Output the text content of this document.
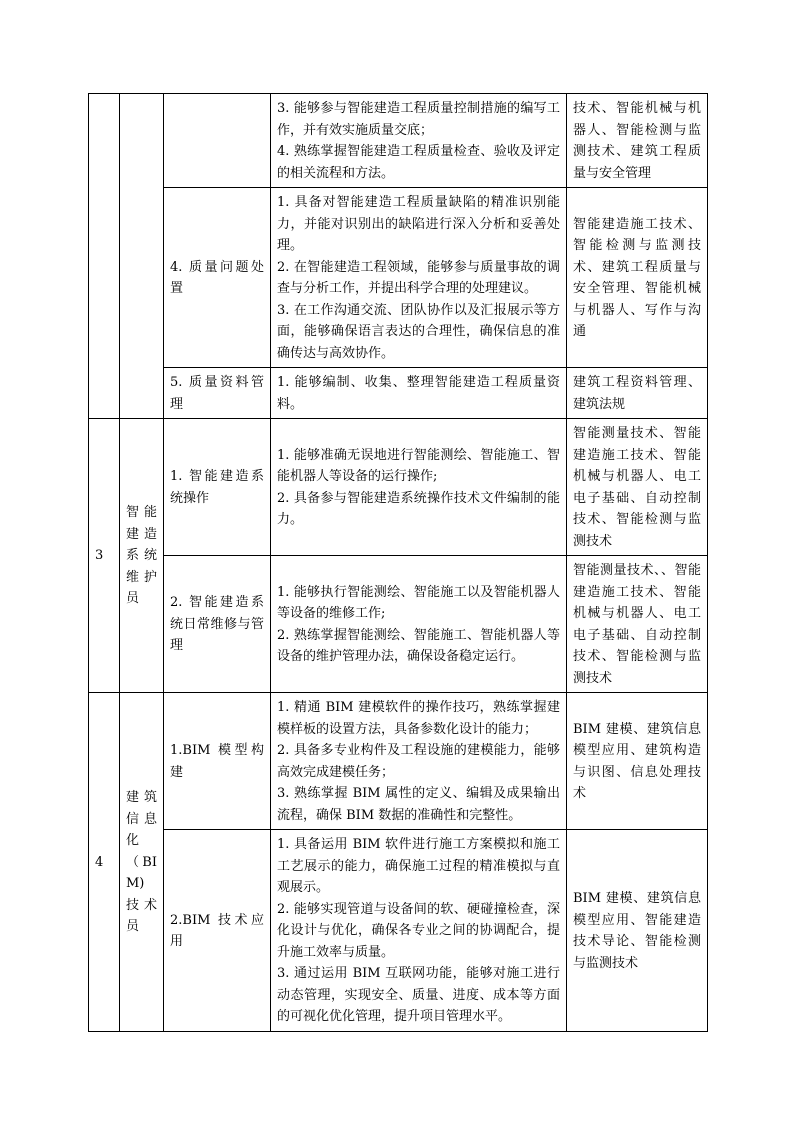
			3. 能够参与智能建造工程质量控制措施的编写工作，并有效实施质量交底；
4. 熟练掌握智能建造工程质量检查、验收及评定的相关流程和方法。	技术、智能机械与机器人、智能检测与监测技术、建筑工程质量与安全管理
		4. 质量问题处置	1. 具备对智能建造工程质量缺陷的精准识别能力，并能对识别出的缺陷进行深入分析和妥善处理。
2. 在智能建造工程领域，能够参与质量事故的调查与分析工作，并提出科学合理的处理建议。
3. 在工作沟通交流、团队协作以及汇报展示等方面，能够确保语言表达的合理性，确保信息的准确传达与高效协作。	智能建造施工技术、智能检测与监测技术、建筑工程质量与安全管理、智能机械与机器人、写作与沟通
		5. 质量资料管理	1. 能够编制、收集、整理智能建造工程质量资料。	建筑工程资料管理、建筑法规
3	智能建造系统维护员	1. 智能建造系统操作	1. 能够准确无误地进行智能测绘、智能施工、智能机器人等设备的运行操作;
2. 具备参与智能建造系统操作技术文件编制的能力。	智能测量技术、智能建造施工技术、智能机械与机器人、电工电子基础、自动控制技术、智能检测与监测技术
		2. 智能建造系统日常维修与管理	1. 能够执行智能测绘、智能施工以及智能机器人等设备的维修工作;
2. 熟练掌握智能测绘、智能施工、智能机器人等设备的维护管理办法，确保设备稳定运行。	智能测量技术、、智能建造施工技术、智能机械与机器人、电工电子基础、自动控制技术、智能检测与监测技术
4	建筑信息化（BIM)技术员	1.BIM 模型构建	1. 精通 BIM 建模软件的操作技巧，熟练掌握建模样板的设置方法，具备参数化设计的能力；
2. 具备多专业构件及工程设施的建模能力，能够高效完成建模任务；
3. 熟练掌握 BIM 属性的定义、编辑及成果输出流程，确保 BIM 数据的准确性和完整性。	BIM 建模、建筑信息模型应用、建筑构造与识图、信息处理技术
		2.BIM 技术应用	1. 具备运用 BIM 软件进行施工方案模拟和施工工艺展示的能力，确保施工过程的精准模拟与直观展示。
2. 能够实现管道与设备间的软、硬碰撞检查，深化设计与优化，确保各专业之间的协调配合，提升施工效率与质量。
3. 通过运用 BIM 互联网功能，能够对施工进行动态管理，实现安全、质量、进度、成本等方面的可视化优化管理，提升项目管理水平。	BIM 建模、建筑信息模型应用、智能建造技术导论、智能检测与监测技术
